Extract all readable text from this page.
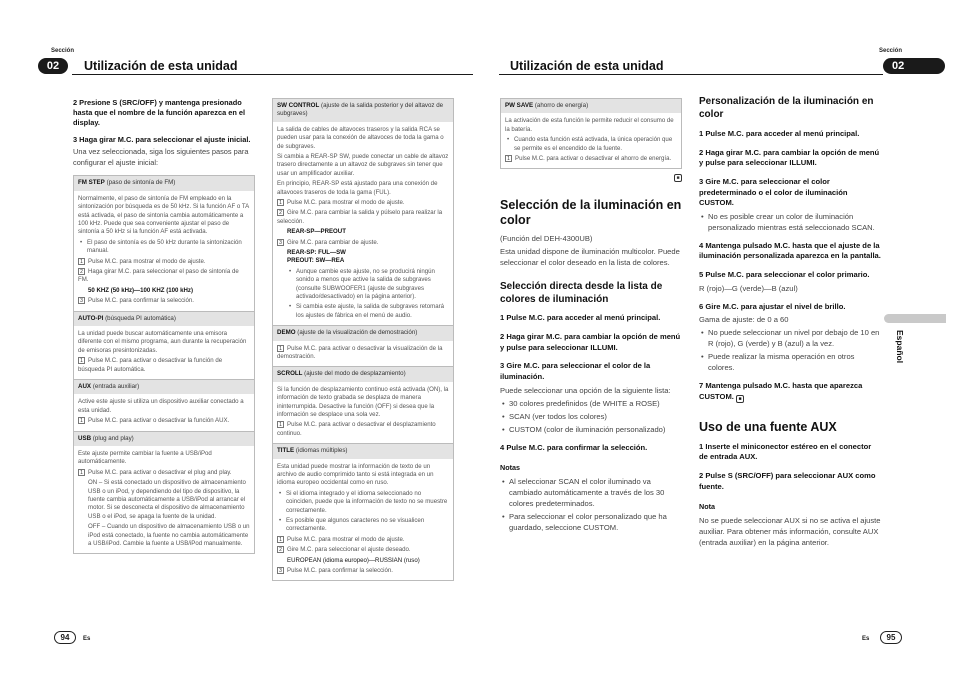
Sección
02	Utilización de esta unidad

2 Presione S (SRC/OFF) y mantenga presionado hasta que el nombre de la función aparezca en el display.

3 Haga girar M.C. para seleccionar el ajuste inicial.

Una vez seleccionada, siga los siguientes pasos para configurar el ajuste inicial:

FM STEP (paso de sintonía de FM)

Normalmente, el paso de sintonía de FM empleado en la sintonización por búsqueda es de 50 kHz. Si la función AF o TA está activada, el paso de sintonía cambia automáticamente a 100 kHz. Puede que sea conveniente ajustar el paso de sintonía a 50 kHz si la función AF está activada.

• El paso de sintonía es de 50 kHz durante la sintonización manual.

1 Pulse M.C. para mostrar el modo de ajuste.

2 Haga girar M.C. para seleccionar el paso de sintonía de FM.

50 KHZ (50 kHz)—100 KHZ (100 kHz)

3 Pulse M.C. para confirmar la selección.

AUTO-PI (búsqueda PI automática)

La unidad puede buscar automáticamente una emisora diferente con el mismo programa, aun durante la recuperación de emisoras presintonizadas.

1 Pulse M.C. para activar o desactivar la función de búsqueda PI automática.

AUX (entrada auxiliar)

Active este ajuste si utiliza un dispositivo auxiliar conectado a esta unidad.

1 Pulse M.C. para activar o desactivar la función AUX.

USB (plug and play)

Este ajuste permite cambiar la fuente a USB/iPod automáticamente.

1 Pulse M.C. para activar o desactivar el plug and play.

ON – Si está conectado un dispositivo de almacenamiento USB o un iPod, y dependiendo del tipo de dispositivo, la fuente cambia automáticamente a USB/iPod al arrancar el motor. Si se desconecta el dispositivo de almacenamiento USB o el iPod, se apaga la fuente de la unidad.

OFF – Cuando un dispositivo de almacenamiento USB o un iPod está conectado, la fuente no cambia automáticamente a USB/iPod. Cambie la fuente a USB/iPod manualmente.

SW CONTROL (ajuste de la salida posterior y del altavoz de subgraves)

La salida de cables de altavoces traseros y la salida RCA se pueden usar para la conexión de altavoces de toda la gama o de subgraves.

Si cambia a REAR-SP SW, puede conectar un cable de altavoz trasero directamente a un altavoz de subgraves sin tener que usar un amplificador auxiliar.

En principio, REAR-SP está ajustado para una conexión de altavoces traseros de toda la gama (FUL).

1 Pulse M.C. para mostrar el modo de ajuste.

2 Gire M.C. para cambiar la salida y púlselo para realizar la selección.

REAR-SP—PREOUT

3 Gire M.C. para cambiar de ajuste.

REAR-SP: FUL—SW

PREOUT: SW—REA

• Aunque cambie este ajuste, no se producirá ningún sonido a menos que active la salida de subgraves (consulte SUBWOOFER1 (ajuste de subgraves activado/desactivado) en la página anterior).

• Si cambia este ajuste, la salida de subgraves retomará los ajustes de fábrica en el menú de audio.

DEMO (ajuste de la visualización de demostración)

1 Pulse M.C. para activar o desactivar la visualización de la demostración.

SCROLL (ajuste del modo de desplazamiento)

Si la función de desplazamiento continuo está activada (ON), la información de texto grabada se desplaza de manera ininterrumpida. Desactive la función (OFF) si desea que la información se desplace una sola vez.

1 Pulse M.C. para activar o desactivar el desplazamiento continuo.

TITLE (idiomas múltiples)

Esta unidad puede mostrar la información de texto de un archivo de audio comprimido tanto si está integrada en un idioma europeo occidental como en ruso.

• Si el idioma integrado y el idioma seleccionado no coinciden, puede que la información de texto no se muestre correctamente.

• Es posible que algunos caracteres no se visualicen correctamente.

1 Pulse M.C. para mostrar el modo de ajuste.

2 Gire M.C. para seleccionar el ajuste deseado.

EUROPEAN (idioma europeo)—RUSSIAN (ruso)

3 Pulse M.C. para confirmar la selección.

94	Es
Sección
02
Utilización de esta unidad
PW SAVE (ahorro de energía)

La activación de esta función le permite reducir el consumo de la batería.

• Cuando esta función está activada, la única operación que se permite es el encendido de la fuente.

1 Pulse M.C. para activar o desactivar el ahorro de energía.

■

Selección de la iluminación en color

(Función del DEH-4300UB)

Esta unidad dispone de iluminación multicolor. Puede seleccionar el color deseado en la lista de colores.

Selección directa desde la lista de colores de iluminación

1 Pulse M.C. para acceder al menú principal.

2 Haga girar M.C. para cambiar la opción de menú y pulse para seleccionar ILLUMI.

3 Gire M.C. para seleccionar el color de la iluminación.

Puede seleccionar una opción de la siguiente lista:

• 30 colores predefinidos (de WHITE a ROSE)

• SCAN (ver todos los colores)

• CUSTOM (color de iluminación personalizado)

4 Pulse M.C. para confirmar la selección.

Notas

• Al seleccionar SCAN el color iluminado va cambiado automáticamente a través de los 30 colores predeterminados.

• Para seleccionar el color personalizado que ha guardado, seleccione CUSTOM.

Personalización de la iluminación en color

1 Pulse M.C. para acceder al menú principal.

2 Haga girar M.C. para cambiar la opción de menú y pulse para seleccionar ILLUMI.

3 Gire M.C. para seleccionar el color predeterminado o el color de iluminación CUSTOM.

• No es posible crear un color de iluminación personalizado mientras está seleccionado SCAN.

4 Mantenga pulsado M.C. hasta que el ajuste de la iluminación personalizada aparezca en la pantalla.

5 Pulse M.C. para seleccionar el color primario.

R (rojo)—G (verde)—B (azul)

6 Gire M.C. para ajustar el nivel de brillo.

Gama de ajuste: de 0 a 60

• No puede seleccionar un nivel por debajo de 10 en R (rojo), G (verde) y B (azul) a la vez.

• Puede realizar la misma operación en otros colores.

7 Mantenga pulsado M.C. hasta que aparezca CUSTOM. ■

Uso de una fuente AUX

1 Inserte el miniconector estéreo en el conector de entrada AUX.

2 Pulse S (SRC/OFF) para seleccionar AUX como fuente.

Nota

No se puede seleccionar AUX si no se activa el ajuste auxiliar. Para obtener más información, consulte AUX (entrada auxiliar) en la página anterior.

Español
Es	95
